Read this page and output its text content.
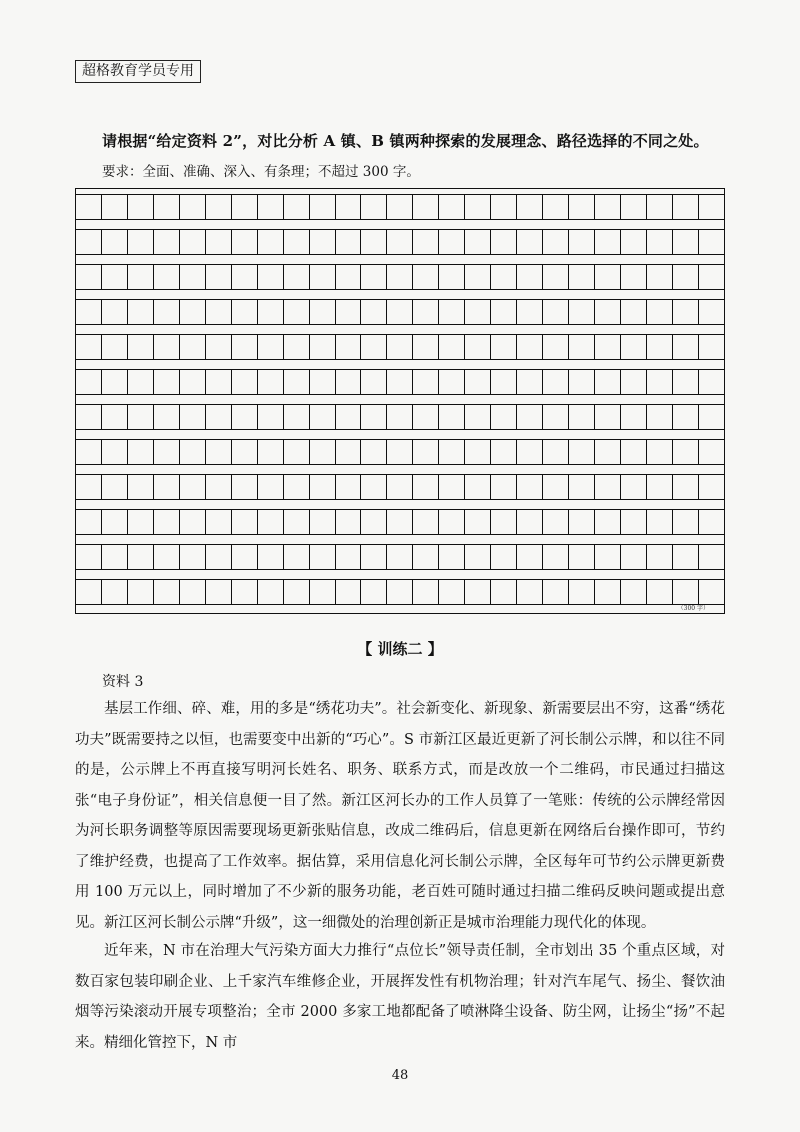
超格教育学员专用
请根据“给定资料 2”，对比分析 A 镇、B 镇两种探索的发展理念、路径选择的不同之处。
要求：全面、准确、深入、有条理；不超过 300 字。
（300 字）
【 训练二 】
资料 3

基层工作细、碎、难，用的多是“绣花功夫”。社会新变化、新现象、新需要层出不穷，这番“绣花功夫”既需要持之以恒，也需要变中出新的“巧心”。S 市新江区最近更新了河长制公示牌，和以往不同的是，公示牌上不再直接写明河长姓名、职务、联系方式，而是改放一个二维码，市民通过扫描这张“电子身份证”，相关信息便一目了然。新江区河长办的工作人员算了一笔账：传统的公示牌经常因为河长职务调整等原因需要现场更新张贴信息，改成二维码后，信息更新在网络后台操作即可，节约了维护经费，也提高了工作效率。据估算，采用信息化河长制公示牌，全区每年可节约公示牌更新费用 100 万元以上，同时增加了不少新的服务功能，老百姓可随时通过扫描二维码反映问题或提出意见。新江区河长制公示牌“升级”，这一细微处的治理创新正是城市治理能力现代化的体现。

近年来，N 市在治理大气污染方面大力推行“点位长”领导责任制，全市划出 35 个重点区域，对数百家包装印刷企业、上千家汽车维修企业，开展挥发性有机物治理；针对汽车尾气、扬尘、餐饮油烟等污染滚动开展专项整治；全市 2000 多家工地都配备了喷淋降尘设备、防尘网，让扬尘“扬”不起来。精细化管控下，N 市

48
